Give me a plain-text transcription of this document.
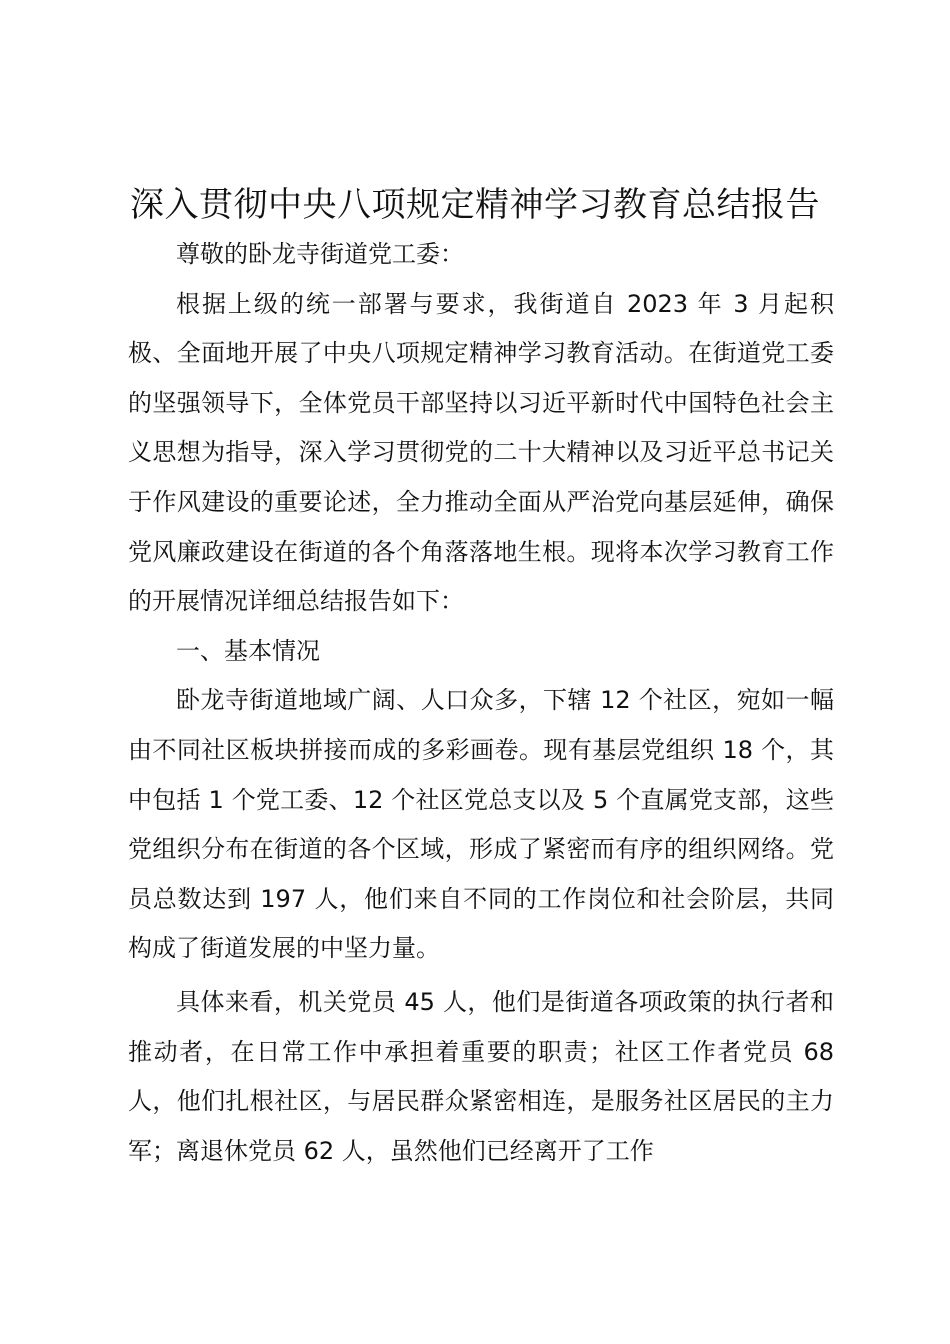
深入贯彻中央八项规定精神学习教育总结报告

尊敬的卧龙寺街道党工委：

根据上级的统一部署与要求，我街道自 2023 年 3 月起积极、全面地开展了中央八项规定精神学习教育活动。在街道党工委的坚强领导下，全体党员干部坚持以习近平新时代中国特色社会主义思想为指导，深入学习贯彻党的二十大精神以及习近平总书记关于作风建设的重要论述，全力推动全面从严治党向基层延伸，确保党风廉政建设在街道的各个角落落地生根。现将本次学习教育工作的开展情况详细总结报告如下：

一、基本情况

卧龙寺街道地域广阔、人口众多，下辖 12 个社区，宛如一幅由不同社区板块拼接而成的多彩画卷。现有基层党组织 18 个，其中包括 1 个党工委、12 个社区党总支以及 5 个直属党支部，这些党组织分布在街道的各个区域，形成了紧密而有序的组织网络。党员总数达到 197 人，他们来自不同的工作岗位和社会阶层，共同构成了街道发展的中坚力量。

具体来看，机关党员 45 人，他们是街道各项政策的执行者和推动者，在日常工作中承担着重要的职责；社区工作者党员 68 人，他们扎根社区，与居民群众紧密相连，是服务社区居民的主力军；离退休党员 62 人，虽然他们已经离开了工作
